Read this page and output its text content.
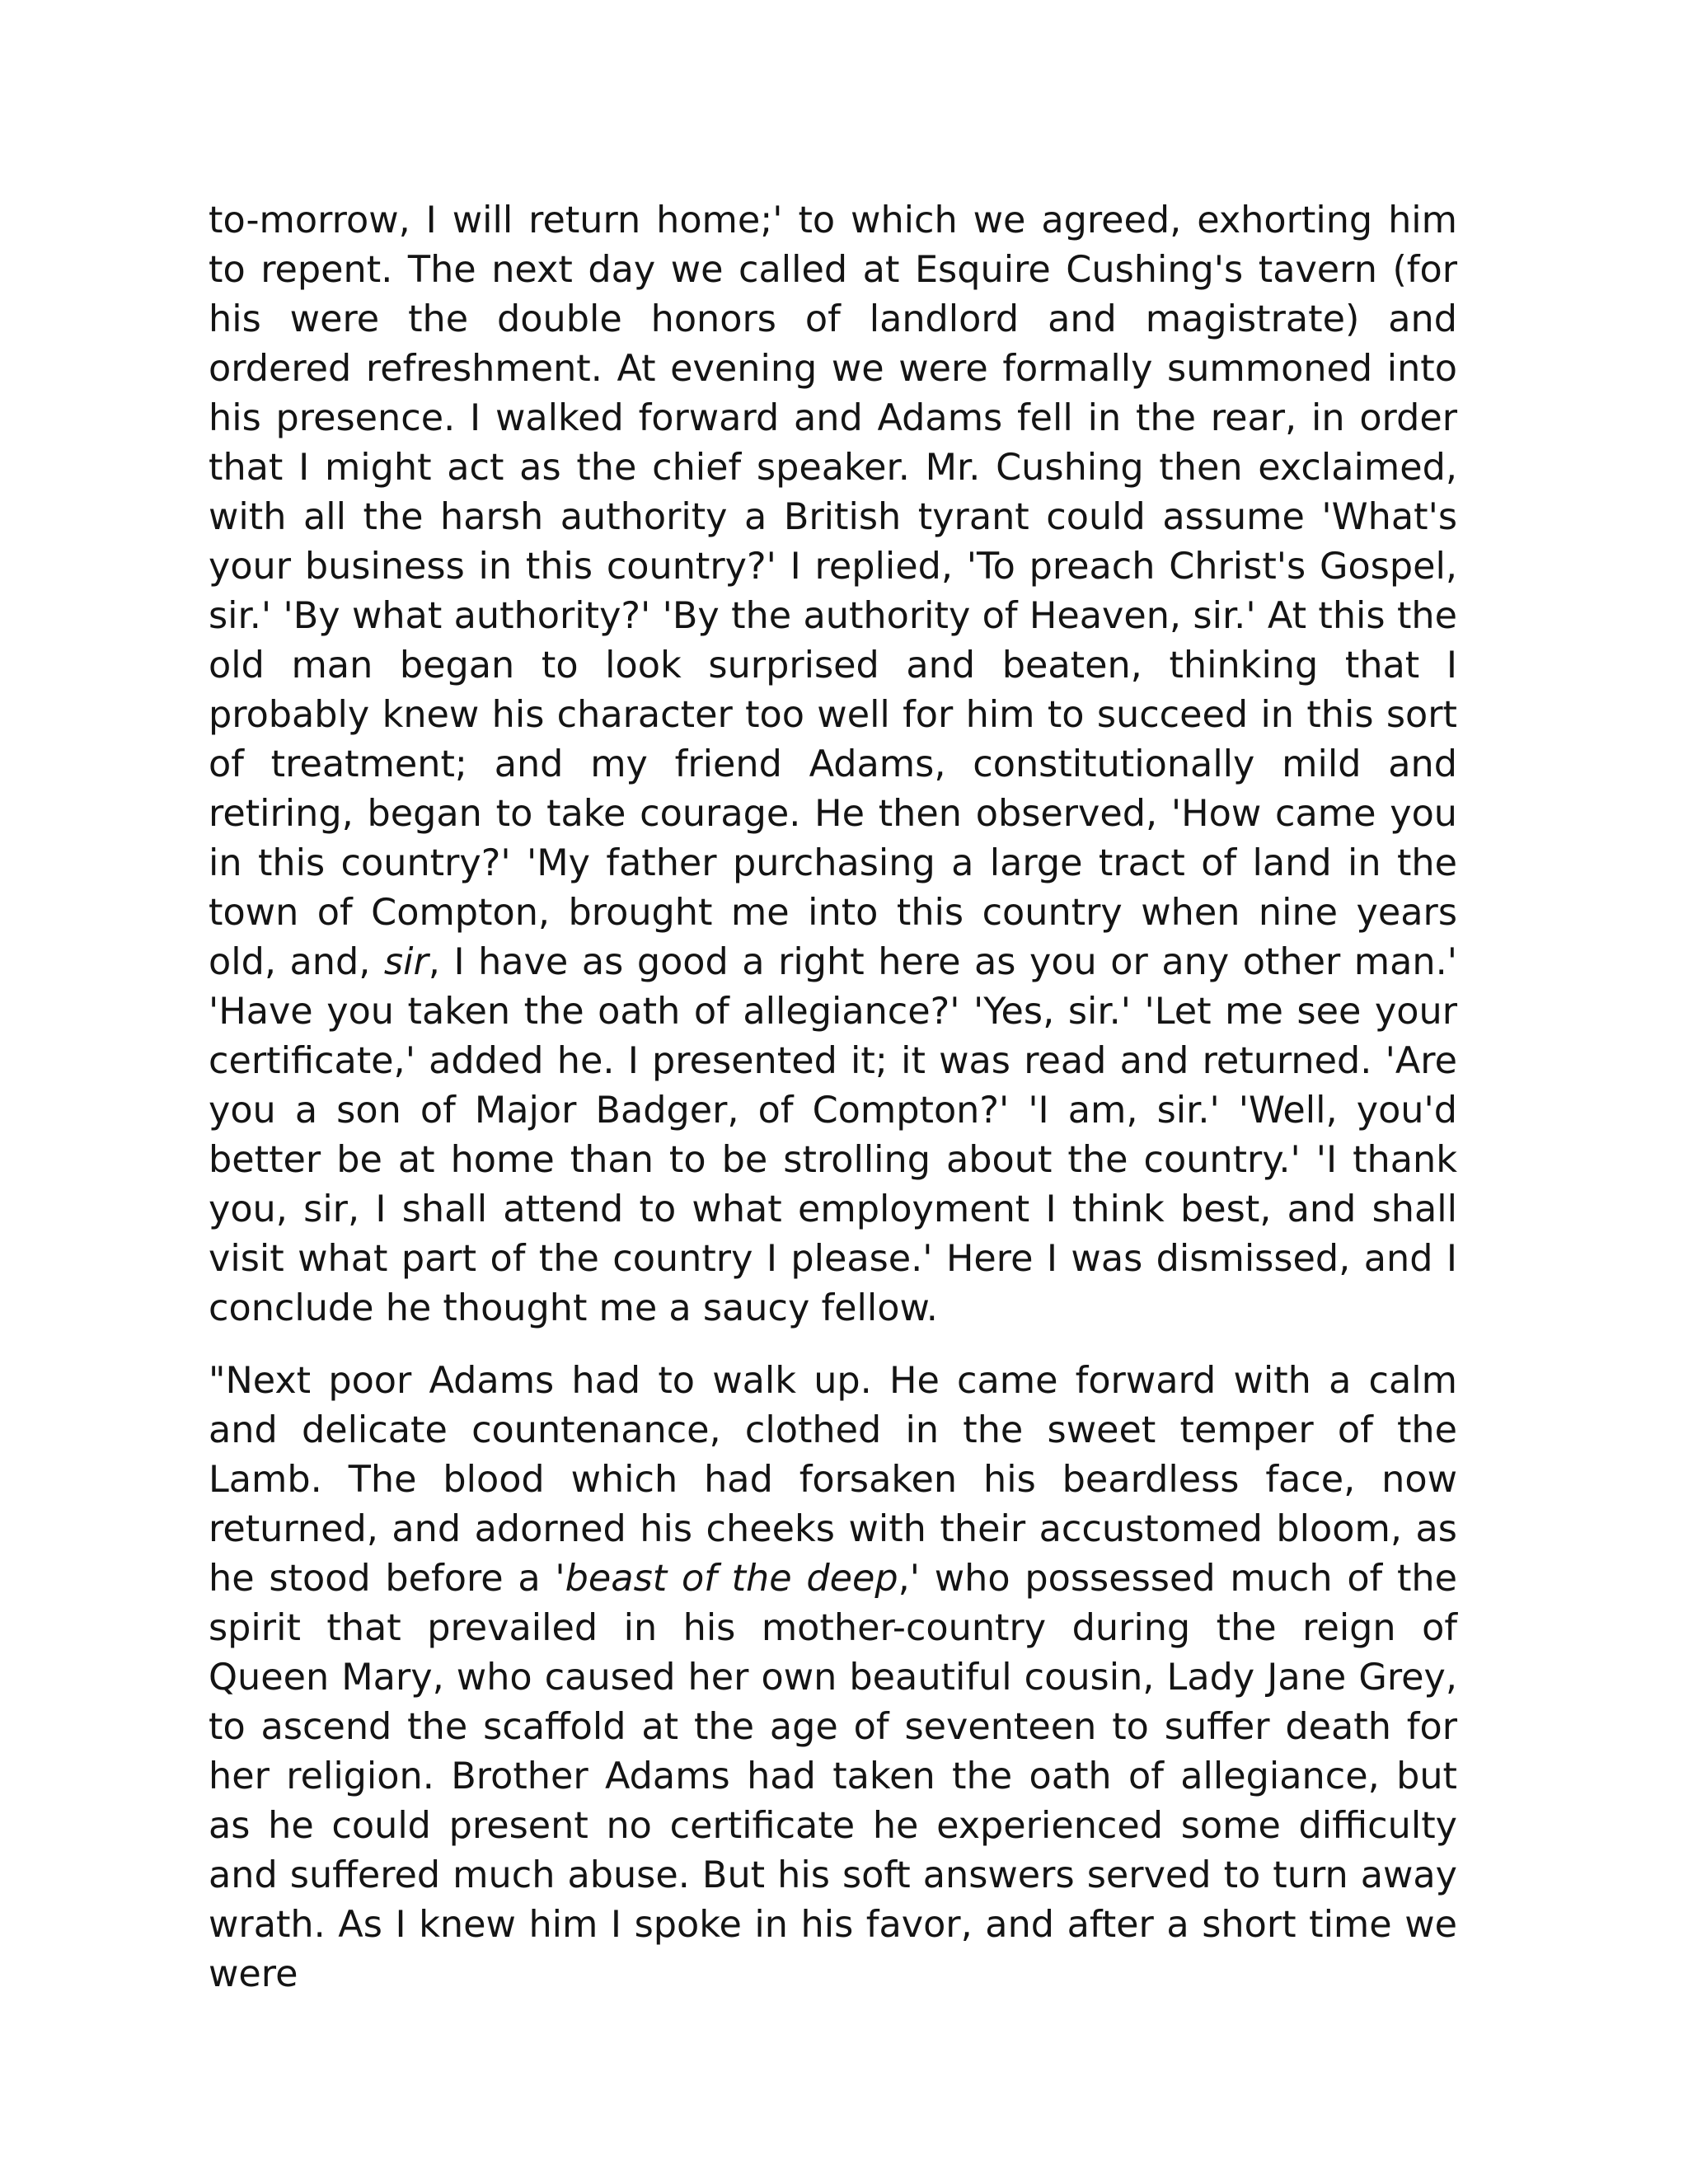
to-morrow, I will return home;' to which we agreed, exhorting him to repent. The next day we called at Esquire Cushing's tavern (for his were the double honors of landlord and magistrate) and ordered refreshment. At evening we were formally summoned into his presence. I walked forward and Adams fell in the rear, in order that I might act as the chief speaker. Mr. Cushing then exclaimed, with all the harsh authority a British tyrant could assume 'What's your business in this country?' I replied, 'To preach Christ's Gospel, sir.' 'By what authority?' 'By the authority of Heaven, sir.' At this the old man began to look surprised and beaten, thinking that I probably knew his character too well for him to succeed in this sort of treatment; and my friend Adams, constitutionally mild and retiring, began to take courage. He then observed, 'How came you in this country?' 'My father purchasing a large tract of land in the town of Compton, brought me into this country when nine years old, and, sir, I have as good a right here as you or any other man.' 'Have you taken the oath of allegiance?' 'Yes, sir.' 'Let me see your certificate,' added he. I presented it; it was read and returned. 'Are you a son of Major Badger, of Compton?' 'I am, sir.' 'Well, you'd better be at home than to be strolling about the country.' 'I thank you, sir, I shall attend to what employment I think best, and shall visit what part of the country I please.' Here I was dismissed, and I conclude he thought me a saucy fellow.

"Next poor Adams had to walk up. He came forward with a calm and delicate countenance, clothed in the sweet temper of the Lamb. The blood which had forsaken his beardless face, now returned, and adorned his cheeks with their accustomed bloom, as he stood before a 'beast of the deep,' who possessed much of the spirit that prevailed in his mother-country during the reign of Queen Mary, who caused her own beautiful cousin, Lady Jane Grey, to ascend the scaffold at the age of seventeen to suffer death for her religion. Brother Adams had taken the oath of allegiance, but as he could present no certificate he experienced some difficulty and suffered much abuse. But his soft answers served to turn away wrath. As I knew him I spoke in his favor, and after a short time we were
